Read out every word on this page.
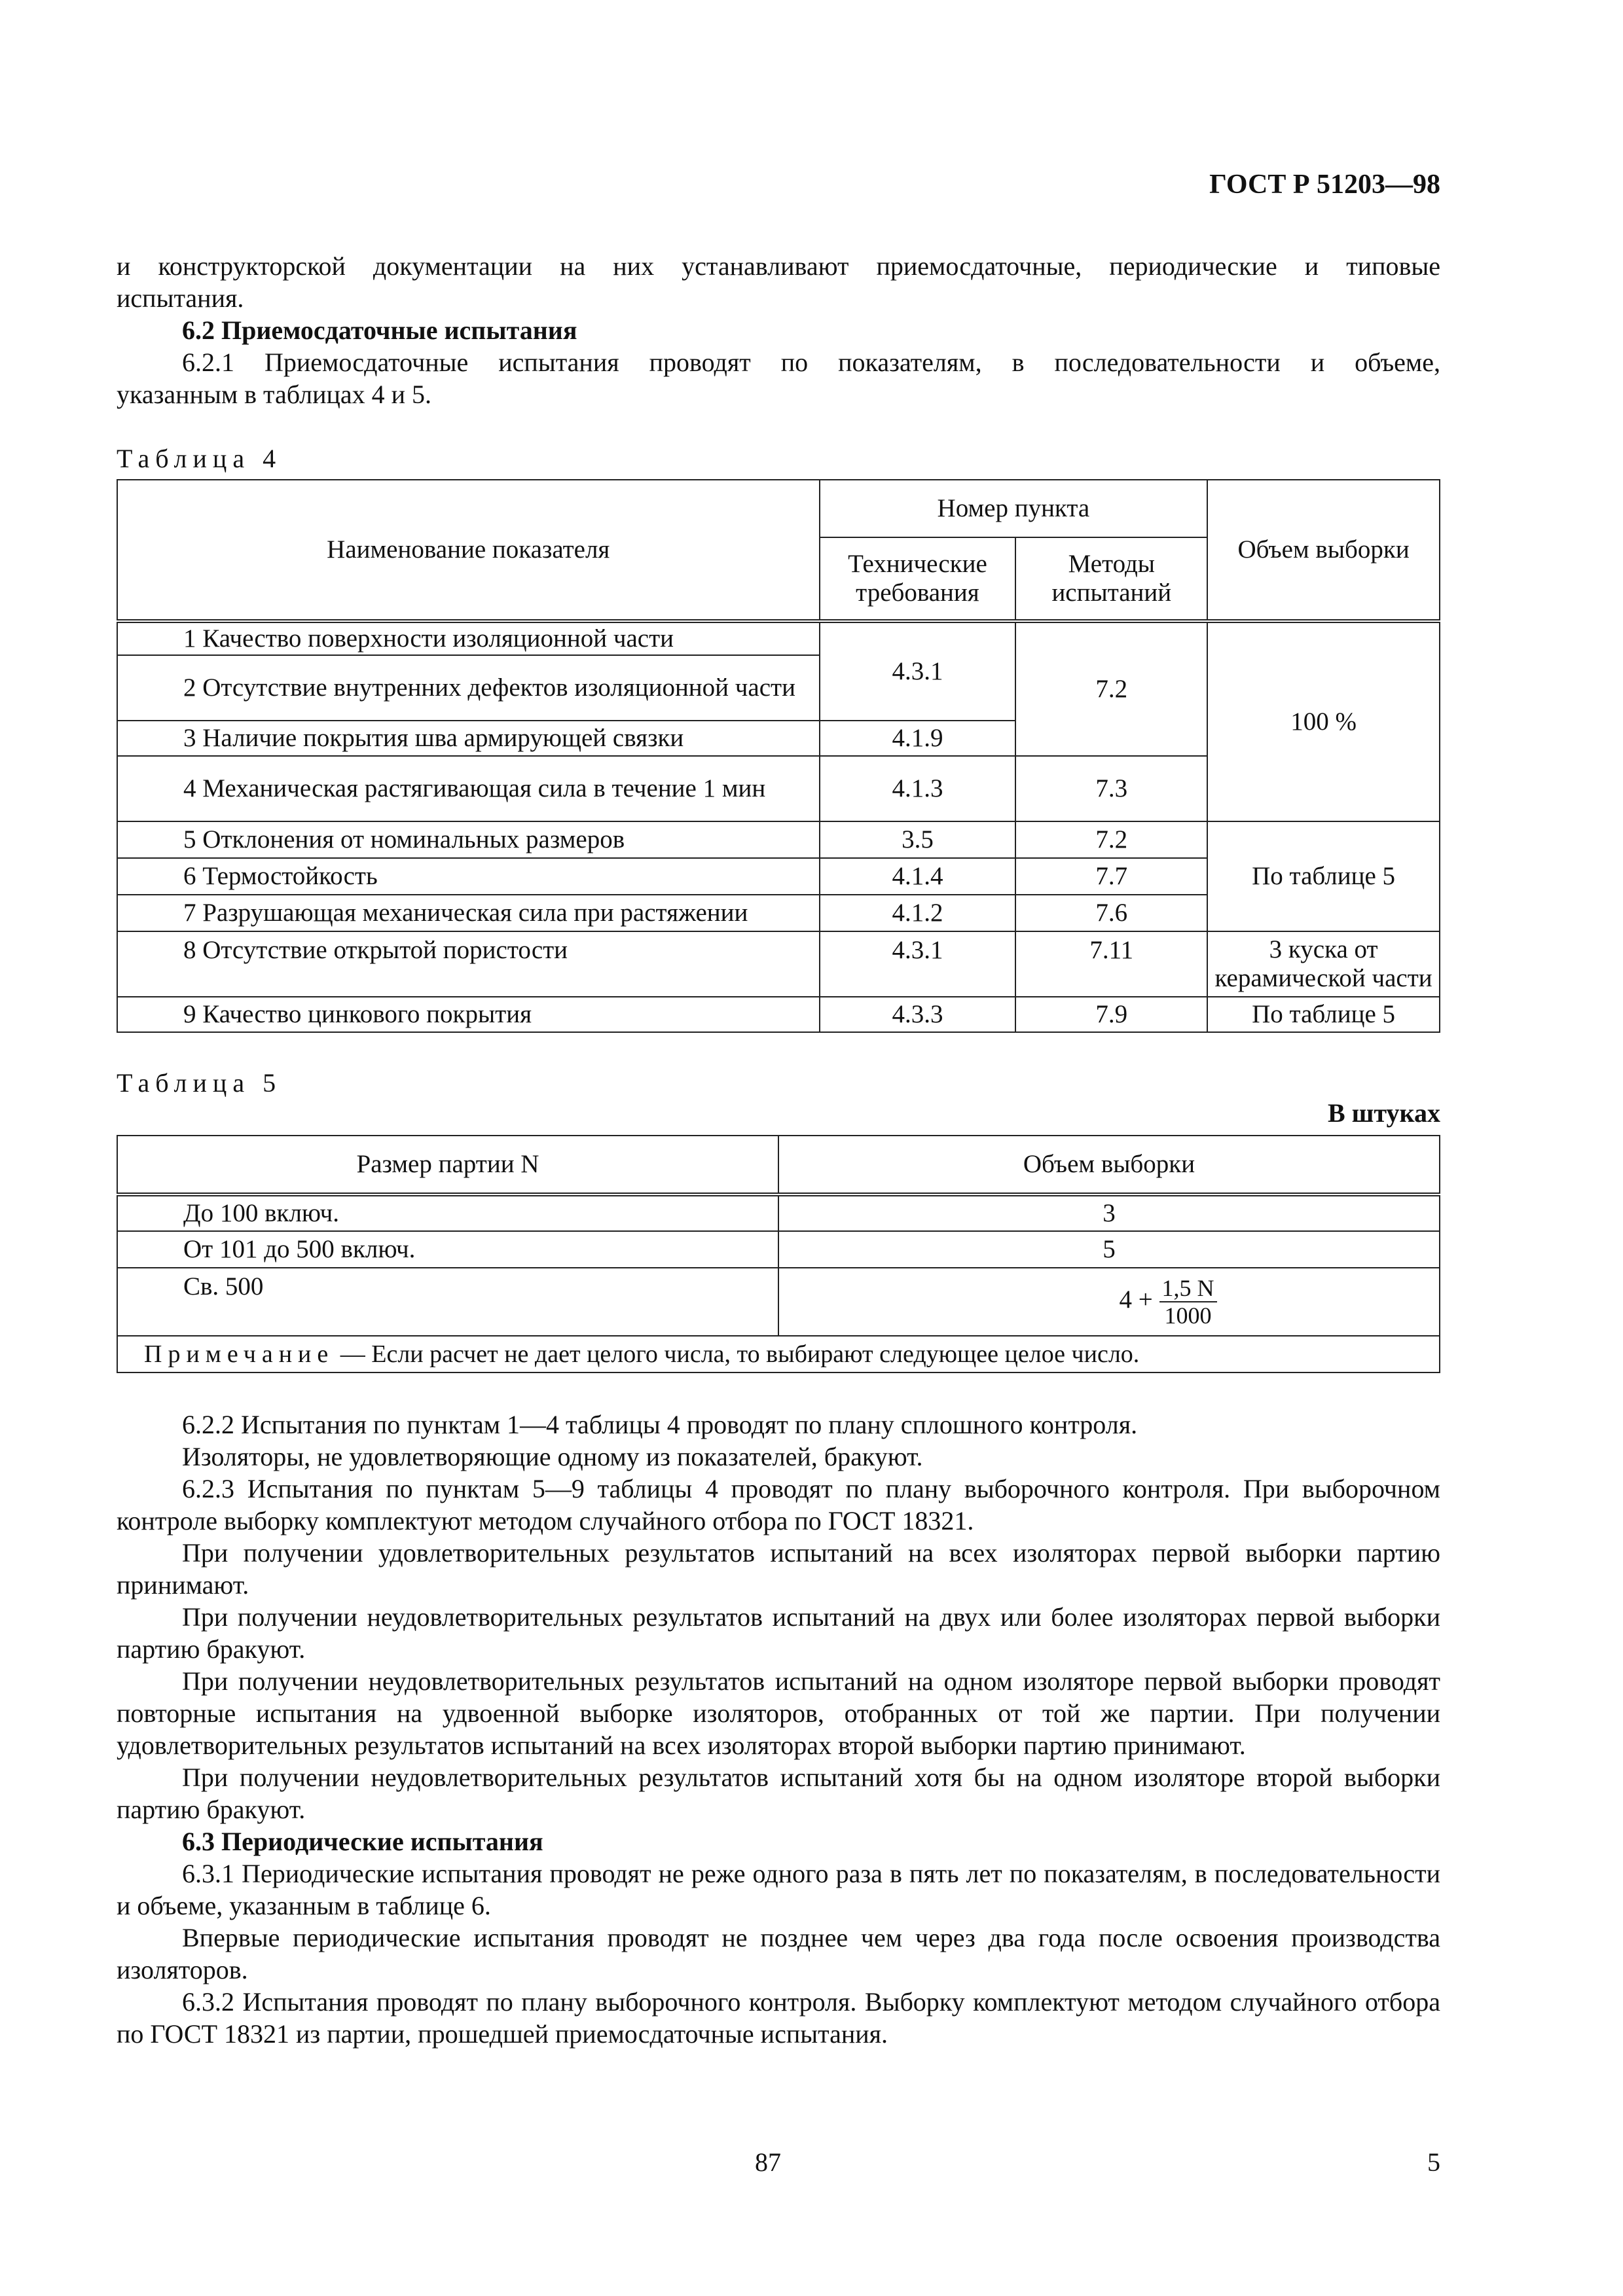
ГОСТ Р 51203—98
и конструкторской документации на них устанавливают приемосдаточные, периодические и типовые
испытания.
6.2 Приемосдаточные испытания
6.2.1 Приемосдаточные испытания проводят по показателям, в последовательности и объеме,
указанным в таблицах 4 и 5.
Таблица 4
Наименование показателя	Номер пункта		Объем выборки
	Технические требования	Методы испытаний	
1 Качество поверхности изоляционной части	4.3.1	7.2	100 %
2 Отсутствие внутренних дефектов изоляционной части			
3 Наличие покрытия шва армирующей связки	4.1.9		
4 Механическая растягивающая сила в течение 1 мин	4.1.3	7.3	
5 Отклонения от номинальных размеров	3.5	7.2	По таблице 5
6 Термостойкость	4.1.4	7.7	
7 Разрушающая механическая сила при растяжении	4.1.2	7.6	
8 Отсутствие открытой пористости	4.3.1	7.11	3 куска от керамической части
9 Качество цинкового покрытия	4.3.3	7.9	По таблице 5
Таблица 5
В штуках
Размер партии N	Объем выборки
До 100 включ.	3
От 101 до 500 включ.	5
Св. 500	$4 + \frac{1,5 N}{1000}$

Примечание — Если расчет не дает целого числа, то выбирают следующее целое число.	
6.2.2 Испытания по пунктам 1—4 таблицы 4 проводят по плану сплошного контроля.
Изоляторы, не удовлетворяющие одному из показателей, бракуют.
6.2.3 Испытания по пунктам 5—9 таблицы 4 проводят по плану выборочного контроля. При выборочном контроле выборку комплектуют методом случайного отбора по ГОСТ 18321.
При получении удовлетворительных результатов испытаний на всех изоляторах первой выборки партию принимают.
При получении неудовлетворительных результатов испытаний на двух или более изоляторах первой выборки партию бракуют.
При получении неудовлетворительных результатов испытаний на одном изоляторе первой выборки проводят повторные испытания на удвоенной выборке изоляторов, отобранных от той же партии. При получении удовлетворительных результатов испытаний на всех изоляторах второй выборки партию принимают.
При получении неудовлетворительных результатов испытаний хотя бы на одном изоляторе второй выборки партию бракуют.
6.3 Периодические испытания
6.3.1 Периодические испытания проводят не реже одного раза в пять лет по показателям, в последовательности и объеме, указанным в таблице 6.
Впервые периодические испытания проводят не позднее чем через два года после освоения производства изоляторов.
6.3.2 Испытания проводят по плану выборочного контроля. Выборку комплектуют методом случайного отбора по ГОСТ 18321 из партии, прошедшей приемосдаточные испытания.
87	5
